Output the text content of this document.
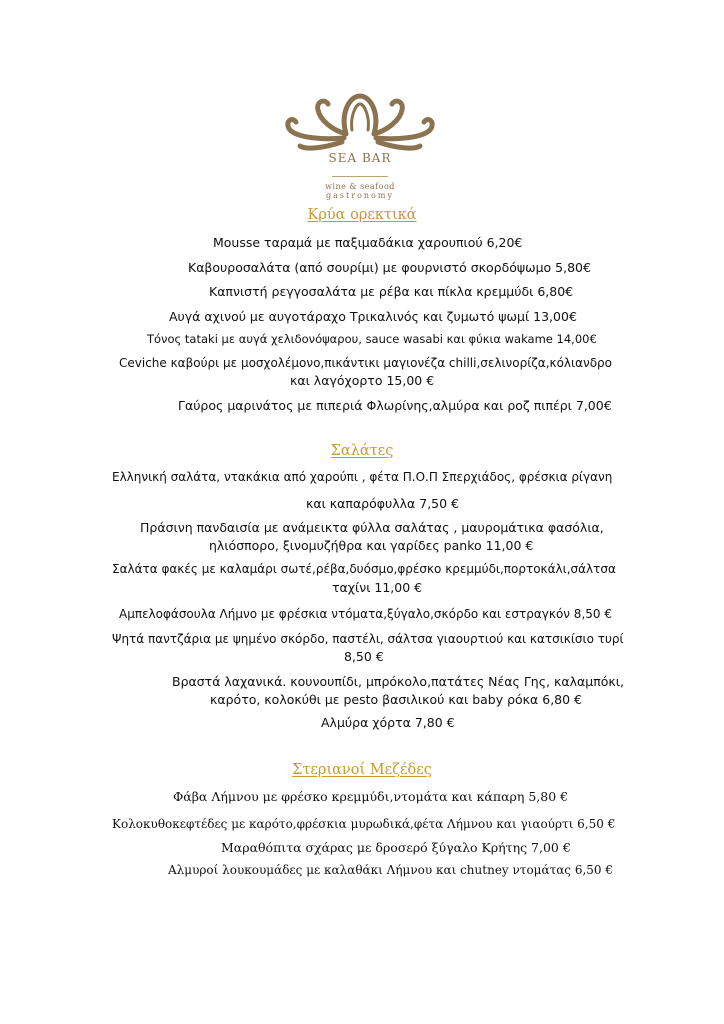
SEA BAR
wine & seafood
gastronomy
Κρύα ορεκτικά
Mousse ταραμά με παξιμαδάκια χαρουπιού 6,20€
Καβουροσαλάτα (από σουρίμι) με φουρνιστό σκορδόψωμο 5,80€
Καπνιστή ρεγγοσαλάτα με ρέβα και πίκλα κρεμμύδι 6,80€
Αυγά αχινού με αυγοτάραχο Τρικαλινός και ζυμωτό ψωμί 13,00€
Τόνος tataki με αυγά χελιδονόψαρου, sauce wasabi και φύκια wakame 14,00€
Ceviche καβούρι με μοσχολέμονο,πικάντικι μαγιονέζα chilli,σελινορίζα,κόλιανδρο
και λαγόχορτο 15,00 €
Γαύρος μαρινάτος με πιπεριά Φλωρίνης,αλμύρα και ροζ πιπέρι 7,00€
Σαλάτες
Ελληνική σαλάτα, ντακάκια από χαρούπι , φέτα Π.Ο.Π Σπερχιάδος, φρέσκια ρίγανη
και καπαρόφυλλα 7,50 €
Πράσινη πανδαισία με ανάμεικτα φύλλα σαλάτας , μαυρομάτικα φασόλια,
ηλιόσπορο, ξινομυζήθρα και γαρίδες panko 11,00 €
Σαλάτα φακές με καλαμάρι σωτέ,ρέβα,δυόσμο,φρέσκο κρεμμύδι,πορτοκάλι,σάλτσα
ταχίνι 11,00 €
Αμπελοφάσουλα Λήμνο με φρέσκια ντόματα,ξύγαλο,σκόρδο και εστραγκόν 8,50 €
Ψητά παντζάρια με ψημένο σκόρδο, παστέλι, σάλτσα γιαουρτιού και κατσικίσιο τυρί
8,50 €
Βραστά λαχανικά. κουνουπίδι, μπρόκολο,πατάτες Νέας Γης, καλαμπόκι,
καρότο, κολοκύθι με pesto βασιλικού και baby ρόκα 6,80 €
Αλμύρα χόρτα 7,80 €
Στεριανοί Μεζέδες
Φάβα Λήμνου με φρέσκο κρεμμύδι,ντομάτα και κάπαρη 5,80 €
Κολοκυθοκεφτέδες με καρότο,φρέσκια μυρωδικά,φέτα Λήμνου και γιαούρτι 6,50 €
Μαραθόπιτα σχάρας με δροσερό ξύγαλο Κρήτης 7,00 €
Αλμυροί λουκουμάδες με καλαθάκι Λήμνου και chutney ντομάτας 6,50 €
